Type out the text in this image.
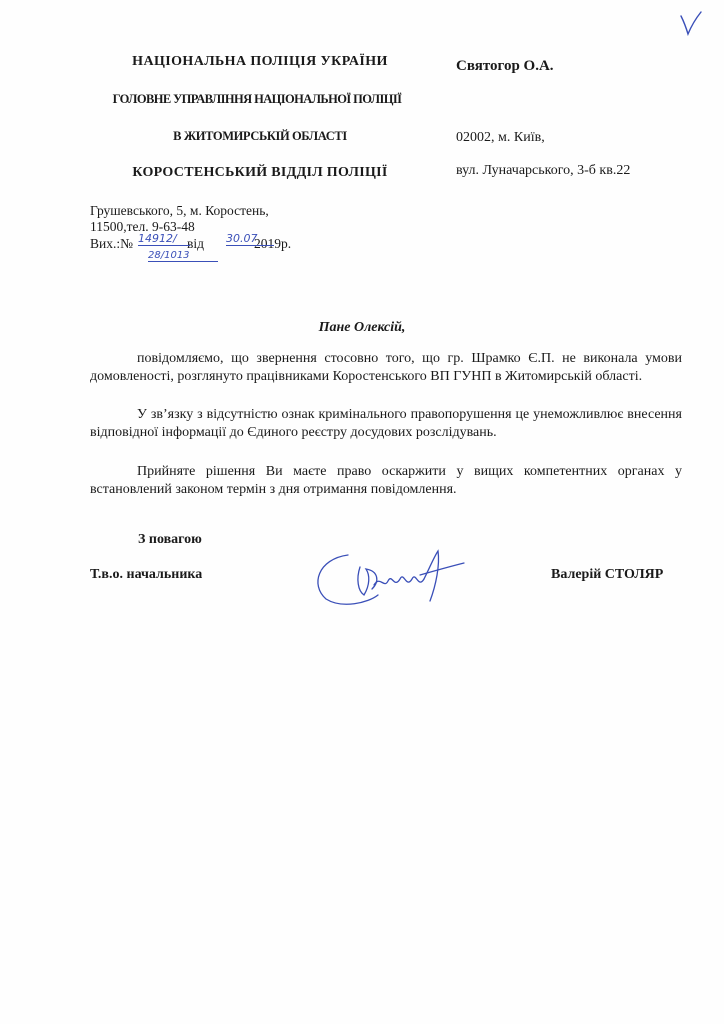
НАЦІОНАЛЬНА ПОЛІЦІЯ УКРАЇНИ
ГОЛОВНЕ УПРАВЛІННЯ НАЦІОНАЛЬНОЇ ПОЛІЦІЇ
В ЖИТОМИРСЬКІЙ ОБЛАСТІ
КОРОСТЕНСЬКИЙ ВІДДІЛ ПОЛІЦІЇ
Святогор О.А.
02002, м. Київ,
вул. Луначарського, 3-б кв.22
Грушевського, 5, м. Коростень,
11500,тел. 9-63-48
Вих.:№	від	2019р.
14912/	30.07
28/1013
Пане Олексій,

повідомляємо, що звернення стосовно того, що гр. Шрамко Є.П. не виконала умови домовленості, розглянуто працівниками Коростенського ВП ГУНП в Житомирській області.

У зв’язку з відсутністю ознак кримінального правопорушення це унеможливлює внесення відповідної інформації до Єдиного реєстру досудових розслідувань.

Прийняте рішення Ви маєте право оскаржити у вищих компетентних органах у встановлений законом термін з дня отримання повідомлення.

З повагою
Т.в.о. начальника	Валерій СТОЛЯР
